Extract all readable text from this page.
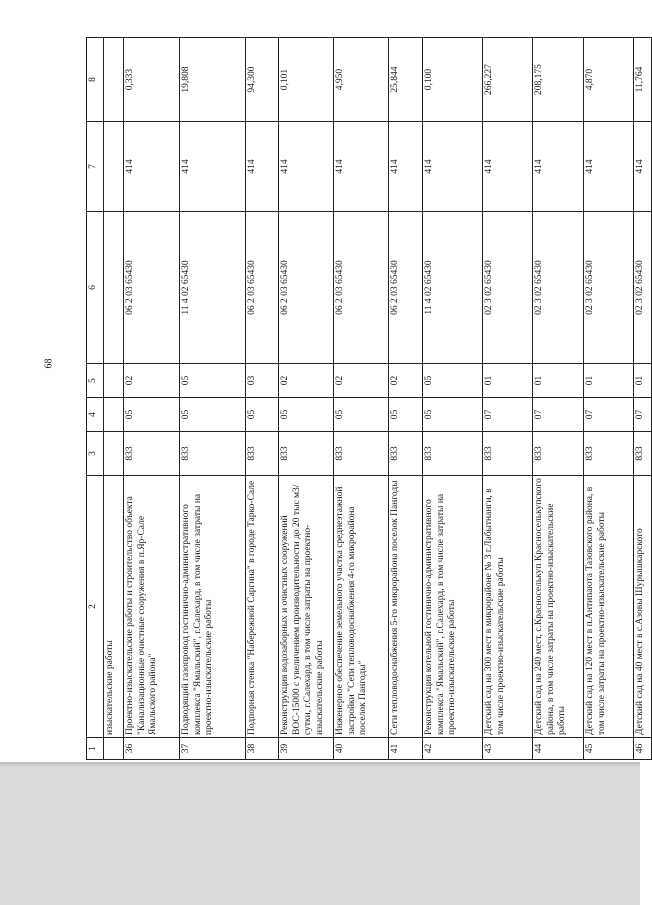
68
1	2	3	4	5	6	7	8
	изыскательские работы						
36	Проектно-изыскательские работы и строительство объекта "Канализационные очистные сооружения в п.Яр-Сале Ямальского района"	833	05	02	06 2 03 65430	414	0,333
37	Подводящий газопровод гостинично-административного комплекса "Ямальский", г.Салехард, в том числе затраты на проектно-изыскательские работы	833	05	05	11 4 02 65430	414	19,808
38	Подпорная стенка "Набережной Саргина" в городе Тарко-Сале	833	05	03	06 2 03 65430	414	94,300
39	Реконструкция водозаборных и очистных сооружений ВОС-15000 с увеличением производительности до 20 тыс м3/сутки, г.Салехард, в том числе затраты на проектно-изыскательские работы	833	05	02	06 2 03 65430	414	0,101
40	Инженерное обеспечение земельного участка среднеэтажной застройки "Сети тепловодоснабжения 4-го микрорайона поселок Пангоды"	833	05	02	06 2 03 65430	414	4,950
41	Сети тепловодоснабжения 5-го микрорайона поселок Пангоды	833	05	02	06 2 03 65430	414	25,844
42	Реконструкция котельной гостинично-административного комплекса "Ямальский", г.Салехард, в том числе затраты на проектно-изыскательские работы	833	05	05	11 4 02 65430	414	0,100
43	Детский сад на 300 мест в микрорайоне № 3 г.Лабытнанги, в том числе проектно-изыскательские работы	833	07	01	02 3 02 65430	414	266,227
44	Детский сад на 240 мест, с.Красноселькуп Красноселькупского района, в том числе затраты на проектно-изыскательские работы	833	07	01	02 3 02 65430	414	208,175
45	Детский сад на 120 мест в п.Антипаюта Тазовского района, в том числе затраты на проектно-изыскательские работы	833	07	01	02 3 02 65430	414	4,870
46	Детский сад на 40 мест в с.Азовы Шурышкарского	833	07	01	02 3 02 65430	414	11,764
